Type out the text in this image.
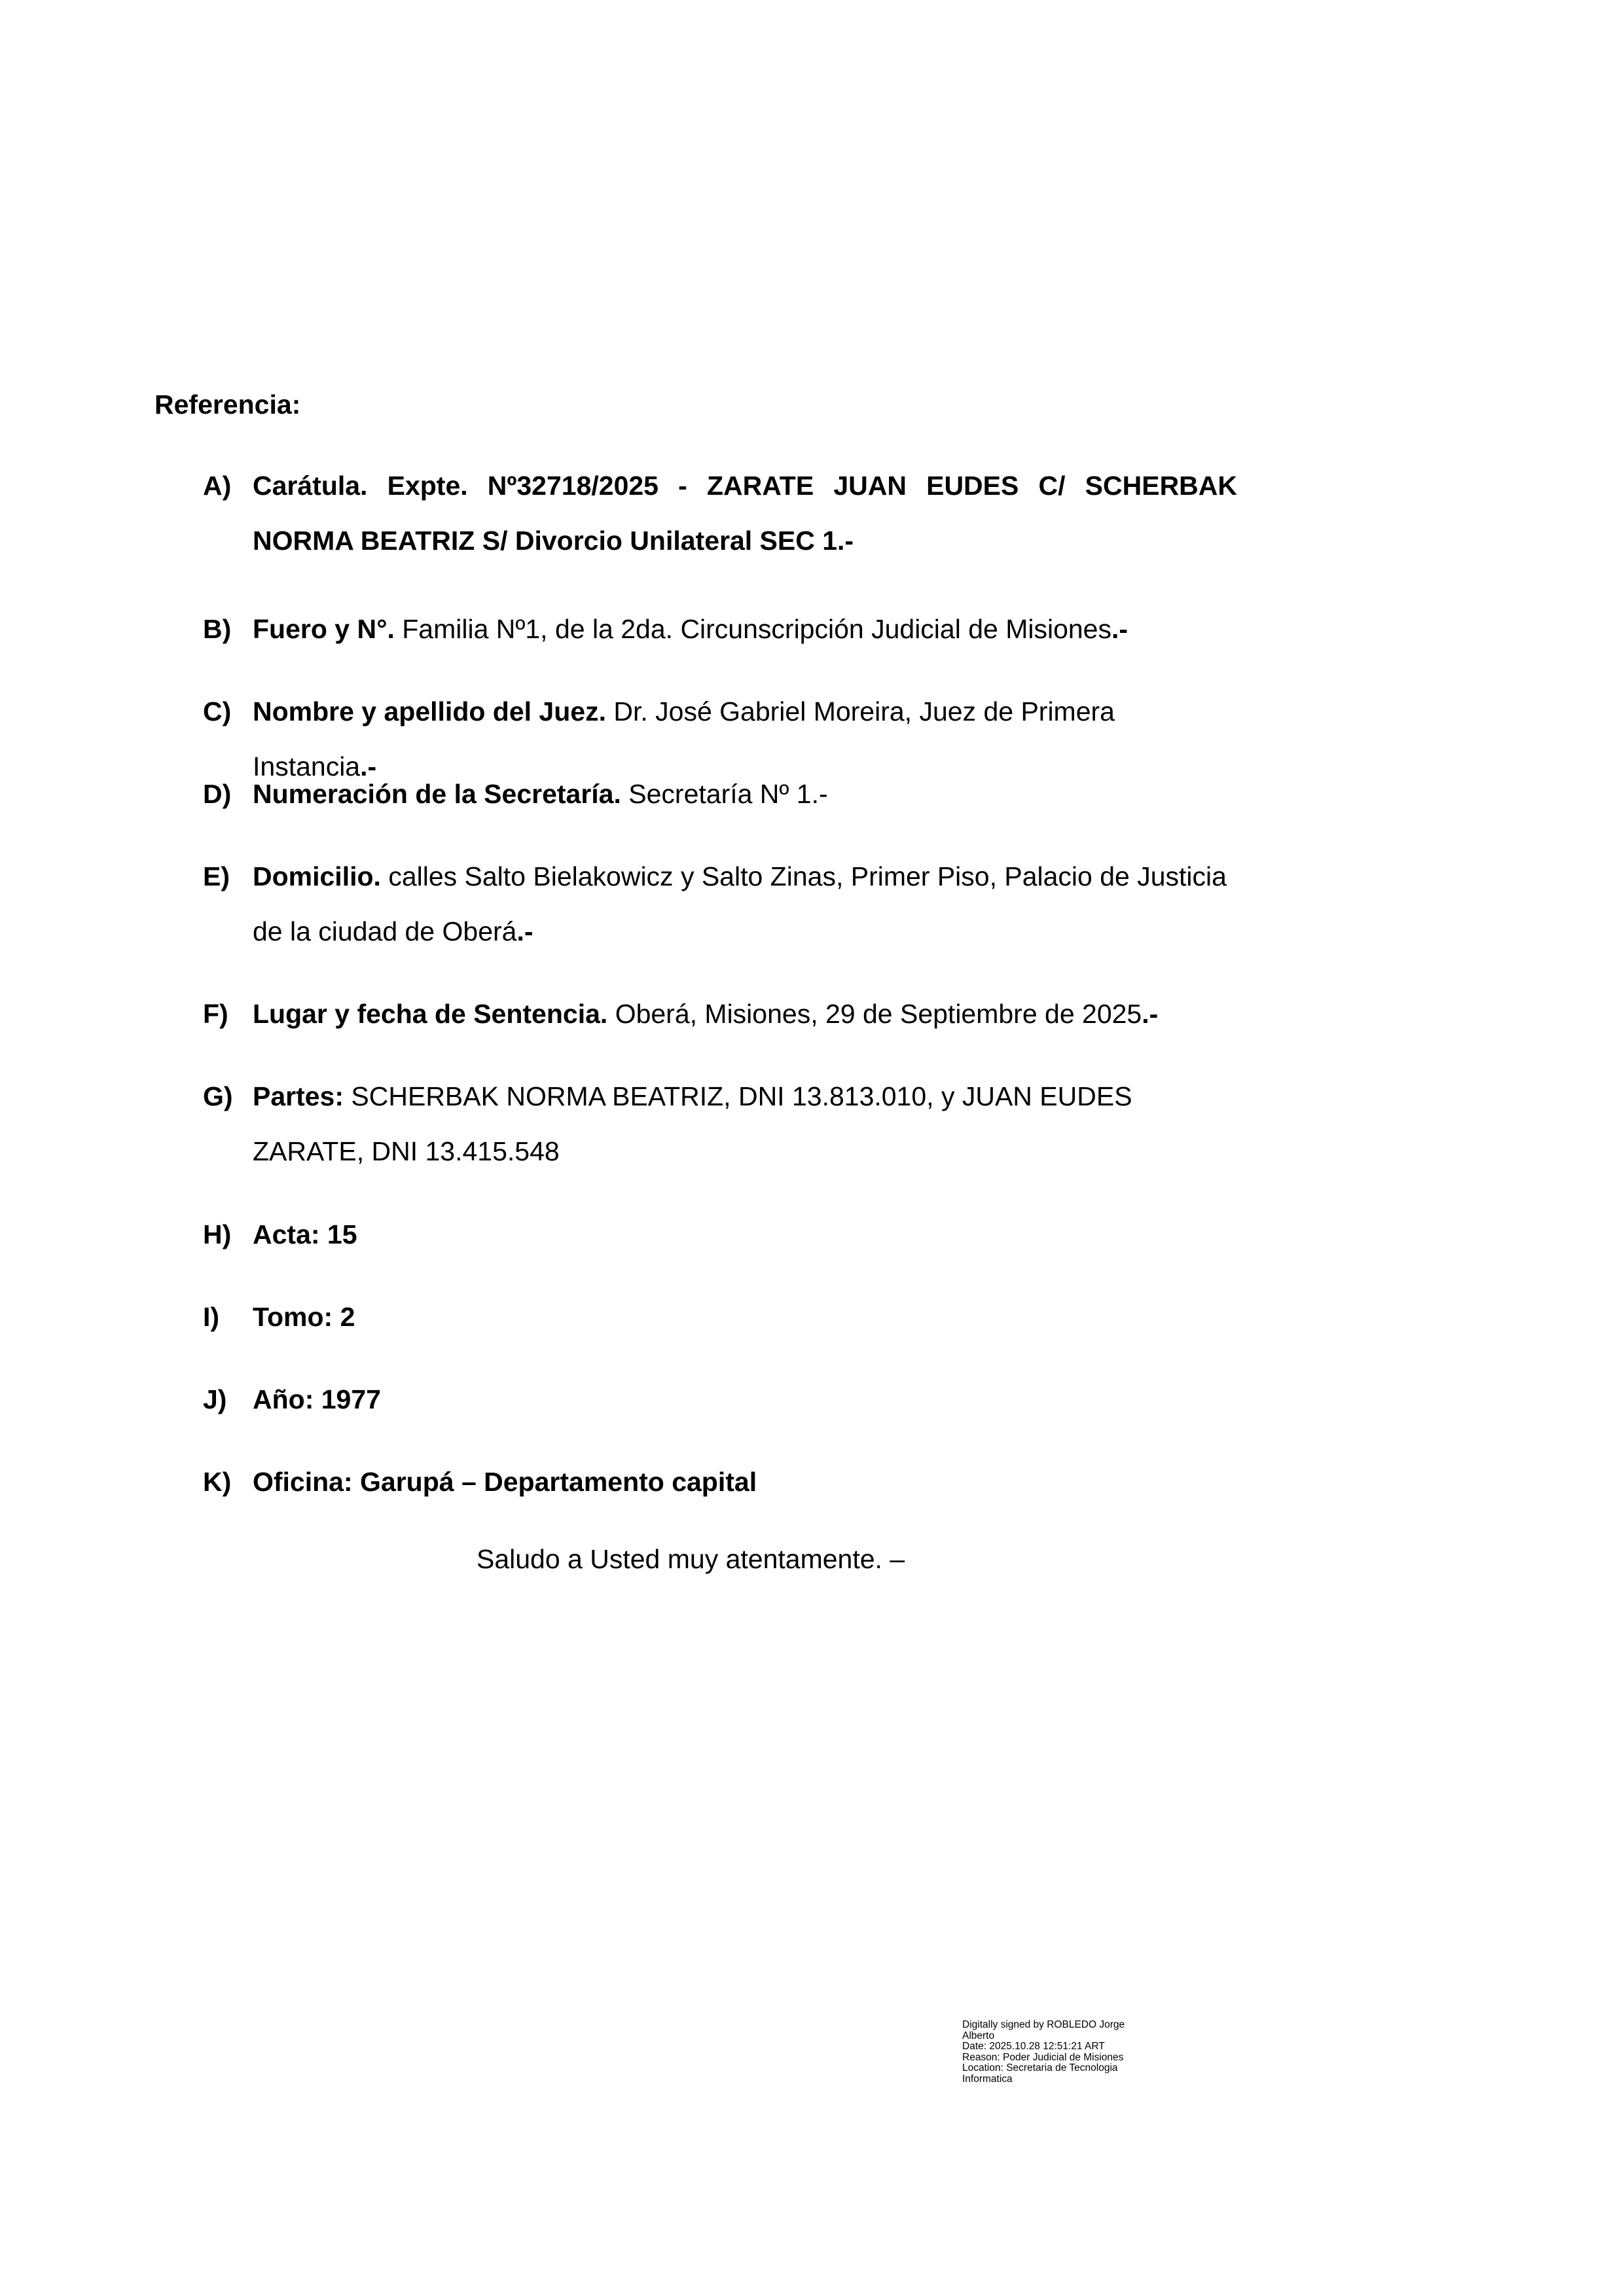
Referencia:
A) Carátula. Expte. Nº32718/2025 - ZARATE JUAN EUDES C/ SCHERBAK NORMA BEATRIZ S/ Divorcio Unilateral SEC 1.-
B) Fuero y N°. Familia Nº1, de la 2da. Circunscripción Judicial de Misiones.-
C) Nombre y apellido del Juez. Dr. José Gabriel Moreira, Juez de Primera Instancia.-
D) Numeración de la Secretaría. Secretaría Nº 1.-
E) Domicilio. calles Salto Bielakowicz y Salto Zinas, Primer Piso, Palacio de Justicia de la ciudad de Oberá.-
F) Lugar y fecha de Sentencia. Oberá, Misiones, 29 de Septiembre de 2025.-
G) Partes: SCHERBAK NORMA BEATRIZ, DNI 13.813.010, y JUAN EUDES ZARATE, DNI 13.415.548
H) Acta: 15
I) Tomo: 2
J) Año: 1977
K) Oficina: Garupá – Departamento capital
Saludo a Usted muy atentamente. –
Digitally signed by ROBLEDO Jorge
Alberto
Date: 2025.10.28 12:51:21 ART
Reason: Poder Judicial de Misiones
Location: Secretaria de Tecnologia
Informatica
